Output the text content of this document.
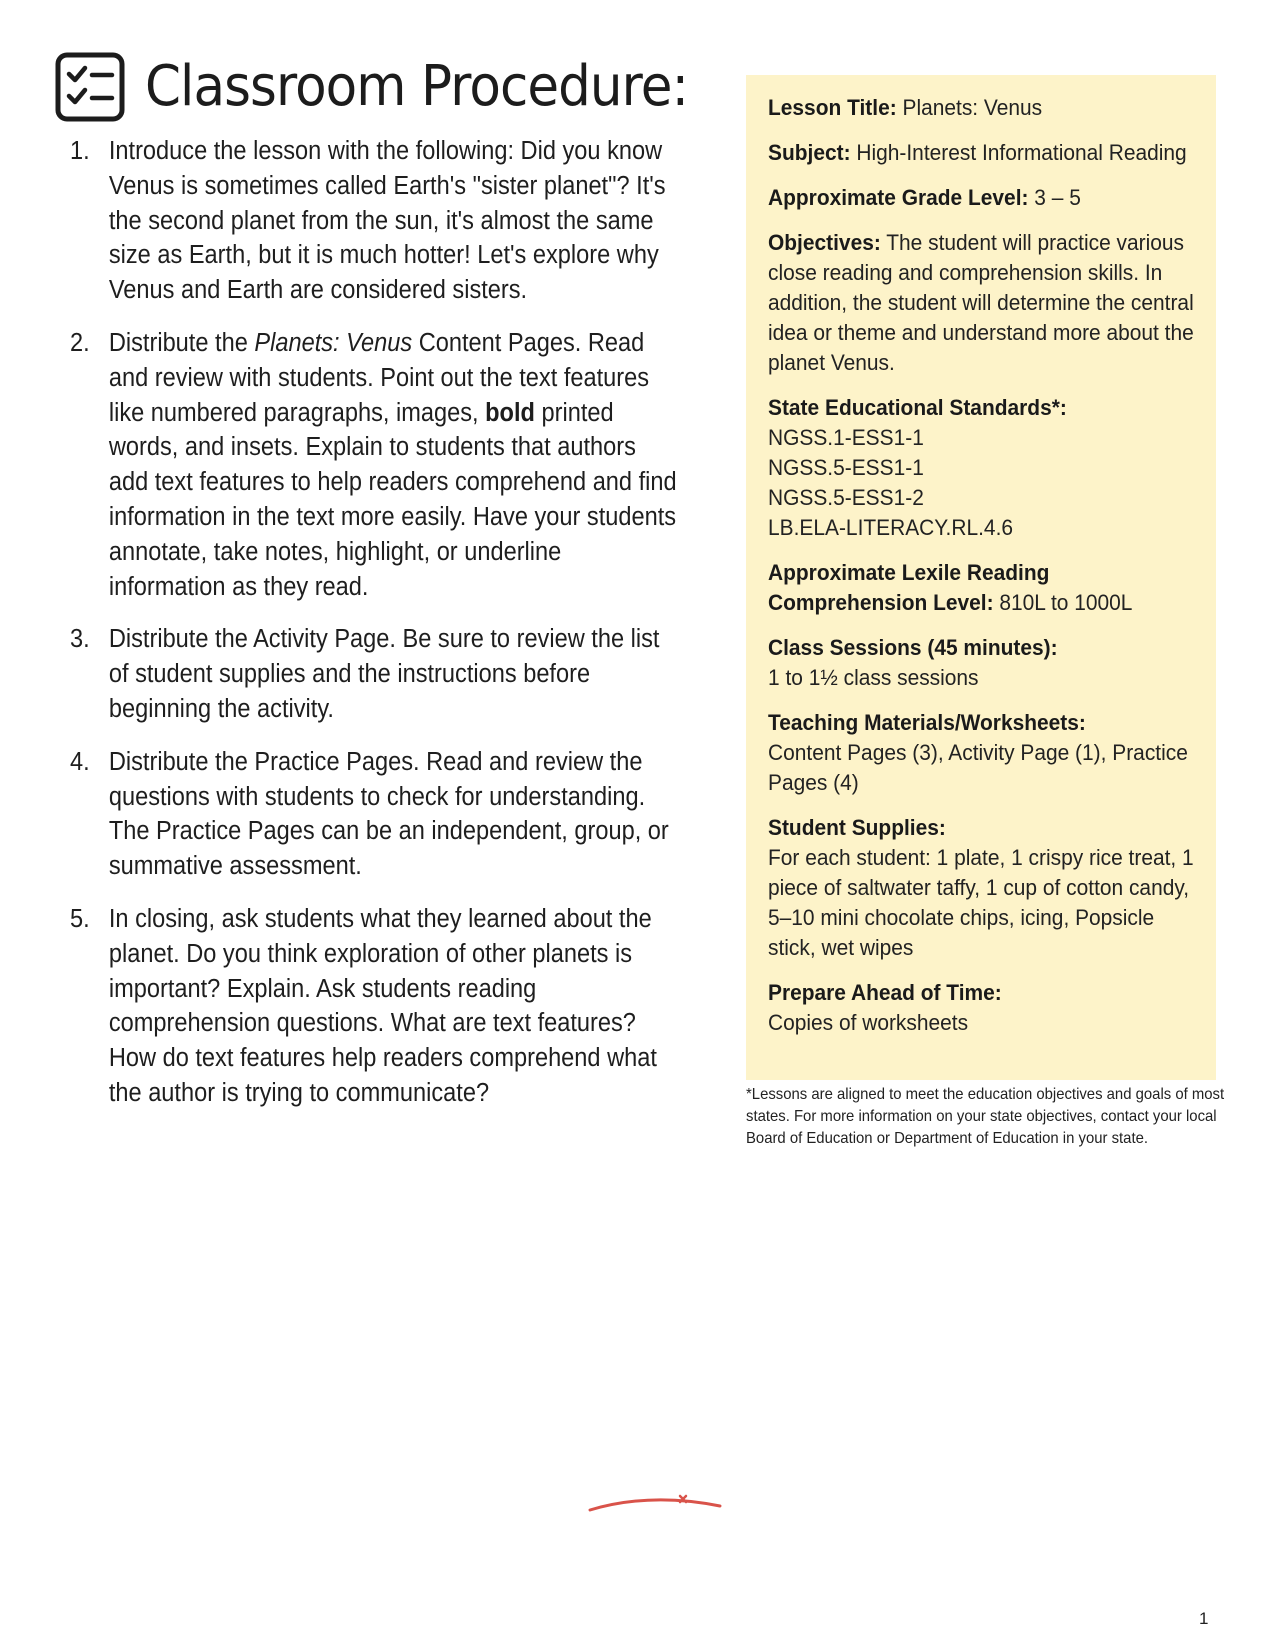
Classroom Procedure:
1. Introduce the lesson with the following: Did you know Venus is sometimes called Earth's "sister planet"? It's the second planet from the sun, it's almost the same size as Earth, but it is much hotter! Let's explore why Venus and Earth are considered sisters.
2. Distribute the Planets: Venus Content Pages. Read and review with students. Point out the text features like numbered paragraphs, images, bold printed words, and insets. Explain to students that authors add text features to help readers comprehend and find information in the text more easily. Have your students annotate, take notes, highlight, or underline information as they read.
3. Distribute the Activity Page. Be sure to review the list of student supplies and the instructions before beginning the activity.
4. Distribute the Practice Pages. Read and review the questions with students to check for understanding. The Practice Pages can be an independent, group, or summative assessment.
5. In closing, ask students what they learned about the planet. Do you think exploration of other planets is important? Explain. Ask students reading comprehension questions. What are text features? How do text features help readers comprehend what the author is trying to communicate?
Lesson Title: Planets: Venus
Subject: High-Interest Informational Reading
Approximate Grade Level: 3 – 5
Objectives: The student will practice various close reading and comprehension skills. In addition, the student will determine the central idea or theme and understand more about the planet Venus.
State Educational Standards*:
NGSS.1-ESS1-1
NGSS.5-ESS1-1
NGSS.5-ESS1-2
LB.ELA-LITERACY.RL.4.6
Approximate Lexile Reading Comprehension Level: 810L to 1000L
Class Sessions (45 minutes):
1 to 1½ class sessions
Teaching Materials/Worksheets:
Content Pages (3), Activity Page (1), Practice Pages (4)
Student Supplies:
For each student: 1 plate, 1 crispy rice treat, 1 piece of saltwater taffy, 1 cup of cotton candy, 5–10 mini chocolate chips, icing, Popsicle stick, wet wipes
Prepare Ahead of Time:
Copies of worksheets
*Lessons are aligned to meet the education objectives and goals of most states. For more information on your state objectives, contact your local Board of Education or Department of Education in your state.
1
